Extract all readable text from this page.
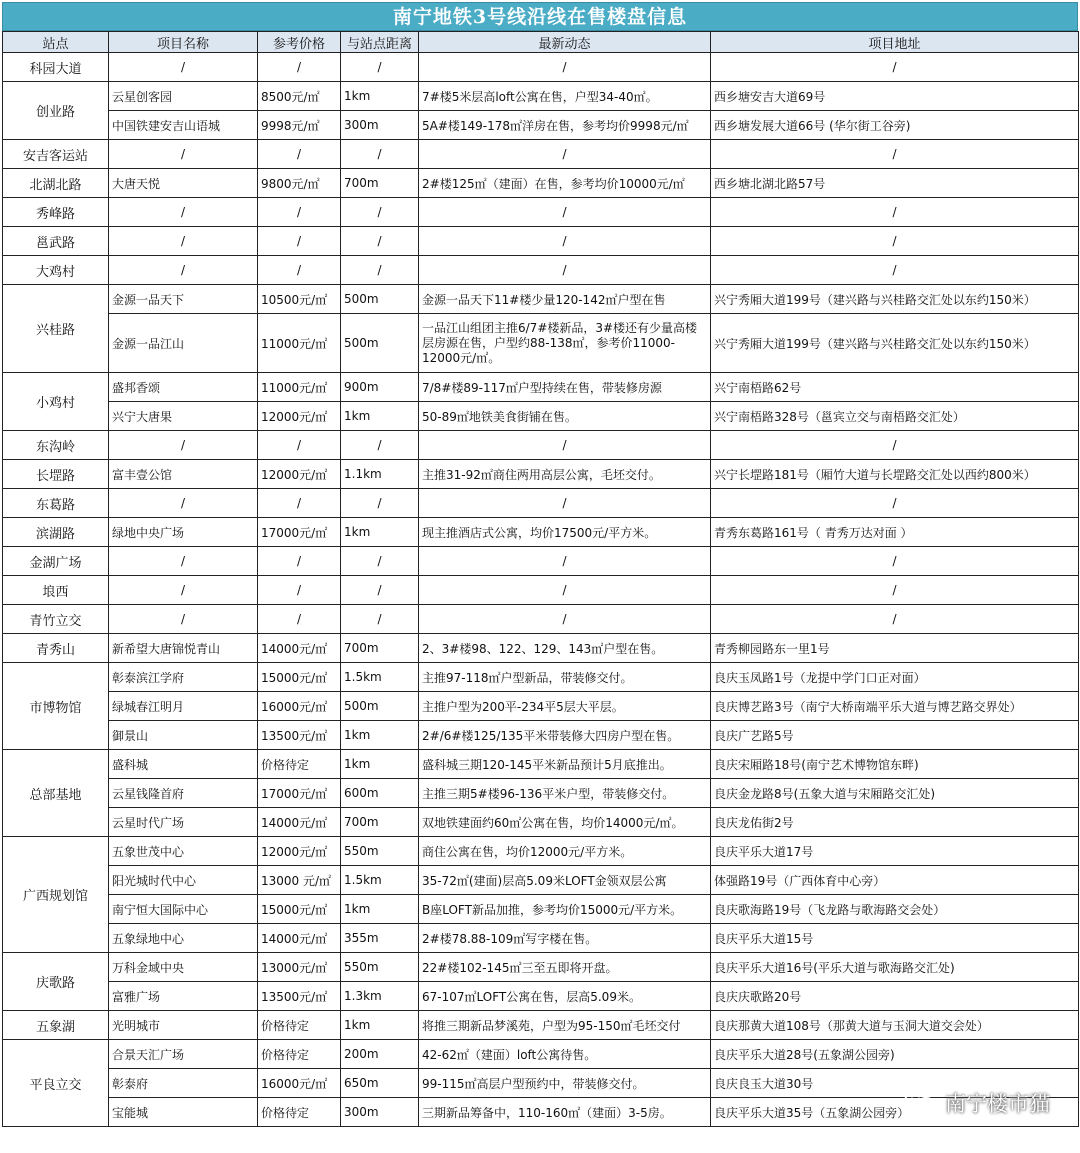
南宁地铁3号线沿线在售楼盘信息
站点	项目名称	参考价格	与站点距离	最新动态	项目地址
科园大道	/	/	/	/	/
创业路	云星创客园	8500元/㎡	1km	7#楼5米层高loft公寓在售，户型34-40㎡。	西乡塘安吉大道69号
	中国铁建安吉山语城	9998元/㎡	300m	5A#楼149-178㎡洋房在售，参考均价9998元/㎡	西乡塘发展大道66号 (华尔街工谷旁)
安吉客运站	/	/	/	/	/
北湖北路	大唐天悦	9800元/㎡	700m	2#楼125㎡（建面）在售，参考均价10000元/㎡	西乡塘北湖北路57号
秀峰路	/	/	/	/	/
邕武路	/	/	/	/	/
大鸡村	/	/	/	/	/
兴桂路	金源一品天下	10500元/㎡	500m	金源一品天下11#楼少量120-142㎡户型在售	兴宁秀厢大道199号（建兴路与兴桂路交汇处以东约150米）
	金源一品江山	11000元/㎡	500m	一品江山组团主推6/7#楼新品，3#楼还有少量高楼层房源在售，户型约88-138㎡，参考价11000-12000元/㎡。	兴宁秀厢大道199号（建兴路与兴桂路交汇处以东约150米）
小鸡村	盛邦香颂	11000元/㎡	900m	7/8#楼89-117㎡户型持续在售，带装修房源	兴宁南梧路62号
	兴宁大唐果	12000元/㎡	1km	50-89㎡地铁美食街铺在售。	兴宁南梧路328号（邕宾立交与南梧路交汇处）
东沟岭	/	/	/	/	/
长堽路	富丰壹公馆	12000元/㎡	1.1km	主推31-92㎡商住两用高层公寓，毛坯交付。	兴宁长堽路181号（厢竹大道与长堽路交汇处以西约800米）
东葛路	/	/	/	/	/
滨湖路	绿地中央广场	17000元/㎡	1km	现主推酒店式公寓，均价17500元/平方米。	青秀东葛路161号（ 青秀万达对面 ）
金湖广场	/	/	/	/	/
埌西	/	/	/	/	/
青竹立交	/	/	/	/	/
青秀山	新希望大唐锦悦青山	14000元/㎡	700m	2、3#楼98、122、129、143㎡户型在售。	青秀柳园路东一里1号
市博物馆	彰泰滨江学府	15000元/㎡	1.5km	主推97-118㎡户型新品，带装修交付。	良庆玉凤路1号（龙提中学门口正对面）
	绿城春江明月	16000元/㎡	500m	主推户型为200平-234平5层大平层。	良庆博艺路3号（南宁大桥南端平乐大道与博艺路交界处）
	御景山	13500元/㎡	1km	2#/6#楼125/135平米带装修大四房户型在售。	良庆广艺路5号
总部基地	盛科城	价格待定	1km	盛科城三期120-145平米新品预计5月底推出。	良庆宋厢路18号(南宁艺术博物馆东畔)
	云星钱隆首府	17000元/㎡	600m	主推三期5#楼96-136平米户型，带装修交付。	良庆金龙路8号(五象大道与宋厢路交汇处)
	云星时代广场	14000元/㎡	700m	双地铁建面约60㎡公寓在售，均价14000元/㎡。	良庆龙佑街2号
广西规划馆	五象世茂中心	12000元/㎡	550m	商住公寓在售，均价12000元/平方米。	良庆平乐大道17号
	阳光城时代中心	13000 元/㎡	1.5km	35-72㎡(建面)层高5.09米LOFT金领双层公寓	体强路19号（广西体育中心旁）
	南宁恒大国际中心	15000元/㎡	1km	B座LOFT新品加推，参考均价15000元/平方米。	良庆歌海路19号（飞龙路与歌海路交会处）
	五象绿地中心	14000元/㎡	355m	2#楼78.88-109㎡写字楼在售。	良庆平乐大道15号
庆歌路	万科金域中央	13000元/㎡	550m	22#楼102-145㎡三至五即将开盘。	良庆平乐大道16号(平乐大道与歌海路交汇处)
	富雅广场	13500元/㎡	1.3km	67-107㎡LOFT公寓在售，层高5.09米。	良庆庆歌路20号
五象湖	光明城市	价格待定	1km	将推三期新品梦溪苑，户型为95-150㎡毛坯交付	良庆那黄大道108号（那黄大道与玉洞大道交会处）
平良立交	合景天汇广场	价格待定	200m	42-62㎡（建面）loft公寓待售。	良庆平乐大道28号(五象湖公园旁)
	彰泰府	16000元/㎡	650m	99-115㎡高层户型预约中，带装修交付。	良庆良玉大道30号
	宝能城	价格待定	300m	三期新品筹备中，110-160㎡（建面）3-5房。	良庆平乐大道35号（五象湖公园旁） 南宁楼市猫
